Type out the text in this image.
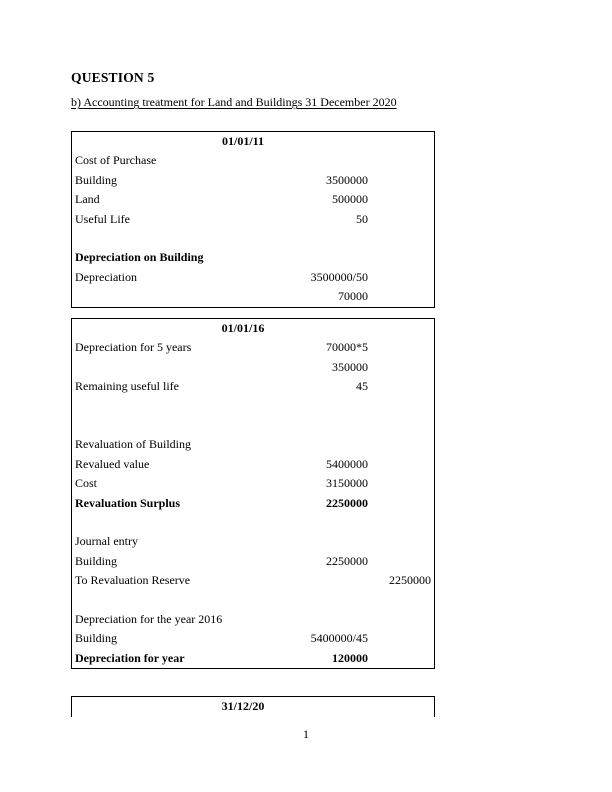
QUESTION 5
b) Accounting treatment for Land and Buildings 31 December 2020
01/01/11
Cost of Purchase
Building	3500000
Land	500000
Useful Life	50
Depreciation on Building
Depreciation	3500000/50
70000
01/01/16
Depreciation for 5 years	70000*5
350000
Remaining useful life	45
Revaluation of Building
Revalued value	5400000
Cost	3150000
Revaluation Surplus	2250000
Journal entry
Building	2250000
To Revaluation Reserve	2250000
Depreciation for the year 2016
Building	5400000/45
Depreciation for year	120000
31/12/20
1
